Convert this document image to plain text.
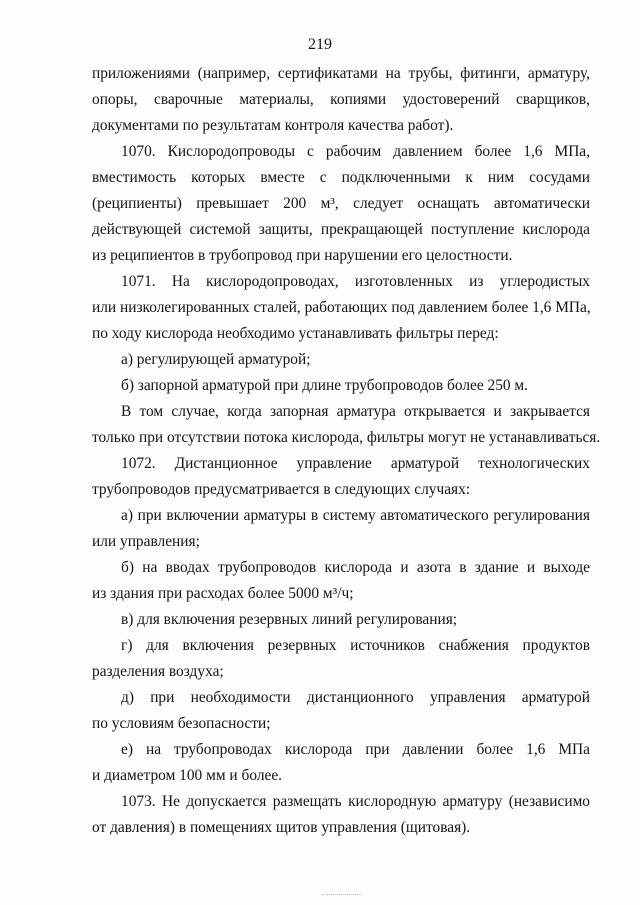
219
приложениями (например, сертификатами на трубы, фитинги, арматуру,
опоры, сварочные материалы, копиями удостоверений сварщиков,
документами по результатам контроля качества работ).
1070. Кислородопроводы с рабочим давлением более 1,6 МПа,
вместимость которых вместе с подключенными к ним сосудами
(реципиенты) превышает 200 м³, следует оснащать автоматически
действующей системой защиты, прекращающей поступление кислорода
из реципиентов в трубопровод при нарушении его целостности.
1071. На кислородопроводах, изготовленных из углеродистых
или низколегированных сталей, работающих под давлением более 1,6 МПа,
по ходу кислорода необходимо устанавливать фильтры перед:
а) регулирующей арматурой;
б) запорной арматурой при длине трубопроводов более 250 м.
В том случае, когда запорная арматура открывается и закрывается
только при отсутствии потока кислорода, фильтры могут не устанавливаться.
1072. Дистанционное управление арматурой технологических
трубопроводов предусматривается в следующих случаях:
а) при включении арматуры в систему автоматического регулирования
или управления;
б) на вводах трубопроводов кислорода и азота в здание и выходе
из здания при расходах более 5000 м³/ч;
в) для включения резервных линий регулирования;
г) для включения резервных источников снабжения продуктов
разделения воздуха;
д) при необходимости дистанционного управления арматурой
по условиям безопасности;
е) на трубопроводах кислорода при давлении более 1,6 МПа
и диаметром 100 мм и более.
1073. Не допускается размещать кислородную арматуру (независимо
от давления) в помещениях щитов управления (щитовая).
